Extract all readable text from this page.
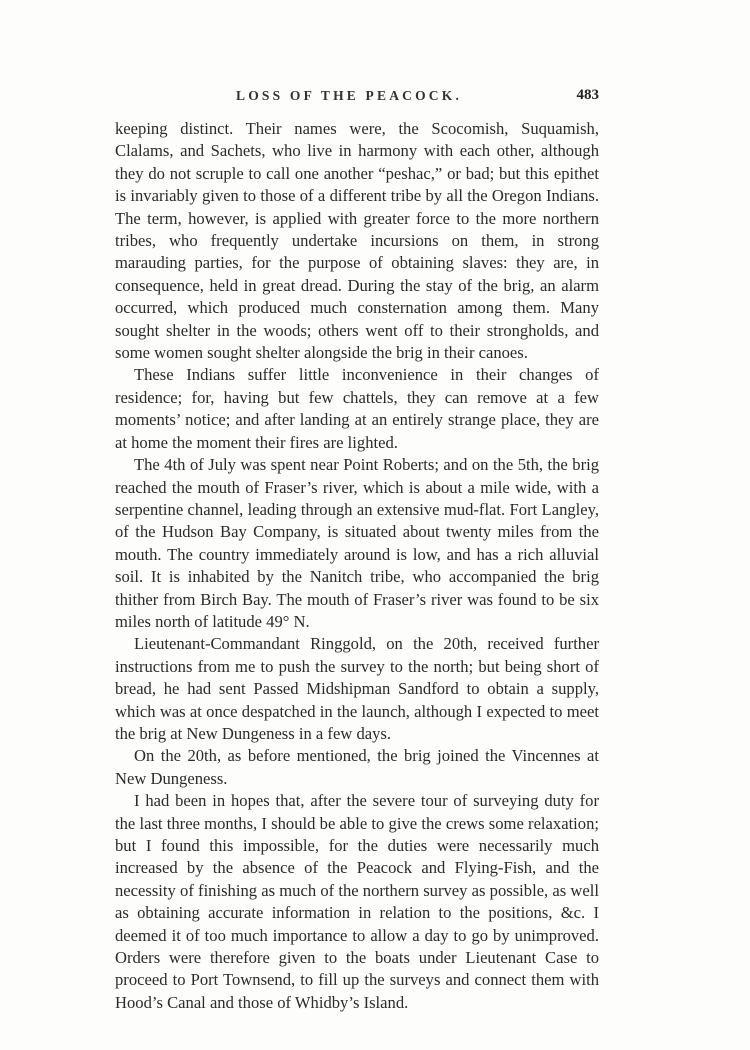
LOSS OF THE PEACOCK.	483

keeping distinct. Their names were, the Scocomish, Suquamish, Clalams, and Sachets, who live in harmony with each other, although they do not scruple to call one another “peshac,” or bad; but this epithet is invariably given to those of a different tribe by all the Oregon Indians. The term, however, is applied with greater force to the more northern tribes, who frequently undertake incursions on them, in strong marauding parties, for the purpose of obtaining slaves: they are, in consequence, held in great dread. During the stay of the brig, an alarm occurred, which produced much consternation among them. Many sought shelter in the woods; others went off to their strongholds, and some women sought shelter alongside the brig in their canoes.

These Indians suffer little inconvenience in their changes of residence; for, having but few chattels, they can remove at a few moments’ notice; and after landing at an entirely strange place, they are at home the moment their fires are lighted.

The 4th of July was spent near Point Roberts; and on the 5th, the brig reached the mouth of Fraser’s river, which is about a mile wide, with a serpentine channel, leading through an extensive mud-flat. Fort Langley, of the Hudson Bay Company, is situated about twenty miles from the mouth. The country immediately around is low, and has a rich alluvial soil. It is inhabited by the Nanitch tribe, who accompanied the brig thither from Birch Bay. The mouth of Fraser’s river was found to be six miles north of latitude 49° N.

Lieutenant-Commandant Ringgold, on the 20th, received further instructions from me to push the survey to the north; but being short of bread, he had sent Passed Midshipman Sandford to obtain a supply, which was at once despatched in the launch, although I expected to meet the brig at New Dungeness in a few days.

On the 20th, as before mentioned, the brig joined the Vincennes at New Dungeness.

I had been in hopes that, after the severe tour of surveying duty for the last three months, I should be able to give the crews some relaxation; but I found this impossible, for the duties were necessarily much increased by the absence of the Peacock and Flying-Fish, and the necessity of finishing as much of the northern survey as possible, as well as obtaining accurate information in relation to the positions, &c. I deemed it of too much importance to allow a day to go by unimproved. Orders were therefore given to the boats under Lieutenant Case to proceed to Port Townsend, to fill up the surveys and connect them with Hood’s Canal and those of Whidby’s Island.
